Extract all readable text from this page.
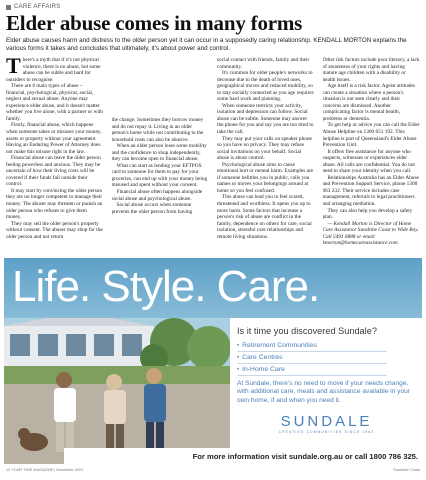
CARE AFFAIRS
Elder abuse comes in many forms

Elder abuse causes harm and distress to the older person yet it can occur in a supposedly caring relationship. KENDALL MORTON explains the various forms it takes and concludes that ultimately, it's about power and control.

There's a myth that if it's not physical violence, there is no abuse, but some abuse can be subtle and hard for outsiders to recognise.

There are 6 main types of abuse – financial, psychological, physical, social, neglect and sexual abuse. Anyone may experience elder abuse, and it doesn't matter whether you live alone, with a partner or with family.

Firstly, financial abuse, which happens when someone takes or misuses your money, assets or property without your agreement. Having an Enduring Power of Attorney does not make this misuse right in the law.

Financial abuse can leave the older person feeling powerless and anxious. They may be uncertain of how their living costs will be covered if their funds fall outside their control.

It may start by convincing the older person they are no longer competent to manage their money. The abuser may threaten or punish an older person who refuses to give them money.

They may sell the older person's property without consent. The abuser may shop for the older person and not return

the change. Sometimes they borrow money and do not repay it. Living in an older person's home while not contributing to the household costs can also be abusive.

When an older person loses some mobility and the confidence to shop independently, they can become open to financial abuse.

What can start as lending your EFTPOS card to someone for them to pay for your groceries, can end up with your money being misused and spent without your consent.

Financial abuse often happens alongside social abuse and psychological abuse.

Social abuse occurs when someone prevents the older person from having

social contact with friends, family and their community.

It's common for older people's networks to decrease due to the death of loved ones, geographical moves and reduced mobility, so to stay socially connected as you age requires some hard work and planning.

When someone restricts your activity, isolation and depression can follow. Social abuse can be subtle. Someone may answer the phone for you and say you are too tired to take the call.

They may put your calls on speaker phone so you have no privacy. They may refuse social invitations on your behalf. Social abuse is about control.

Psychological abuse aims to cause emotional hurt or mental harm. Examples are if someone belittles you in public, calls you names or moves your belongings around at home so you feel confused.

This abuse can lead you to feel scared, threatened and worthless. It opens you up to more harm. Some factors that increase a person's risk of abuse are conflict in the family, dependence on others for care, social isolation, stressful care relationships and remote living situations.

Other risk factors include poor literacy, a lack of awareness of your rights and having mature age children with a disability or health issues.

Age itself is a risk factor. Ageist attitudes can create a situation where a person's situation is not seen clearly and their concerns are dismissed. Another complicating factor is mental health, problems or dementia.

To get help or advice you can call the Elder Abuse Helpline on 1300 651 192. This helpline is part of Queensland's Elder Abuse Prevention Unit.

It offers free assistance for anyone who suspects, witnesses or experiences elder abuse. All calls are confidential. You do not need to share your identity when you call.

Relationships Australia has an Elder Abuse and Prevention Support Service, phone 1300 063 232. Their service includes case management, referrals to legal practitioners and arranging mediation.

They can also help you develop a safety plan.

— Kendall Morton is Director of Home Care Assistance Sunshine Coast to Wide Bay. Call 5491 6888 or email kmorton@homecareassistance.com

Life. Style. Care.
Is it time you discovered Sundale?
• Retirement Communities
• Care Centres
• In-Home Care

At Sundale, there's no need to move if your needs change, with additional care, meals and assistance available in your own home, if and when you need it.

SUNDALE
CREATING COMMUNITIES SINCE 1963
For more information visit sundale.org.au or call 1800 786 325.
10 YOUR TIME MAGAZINE | November 2021	Sunshine Coast
